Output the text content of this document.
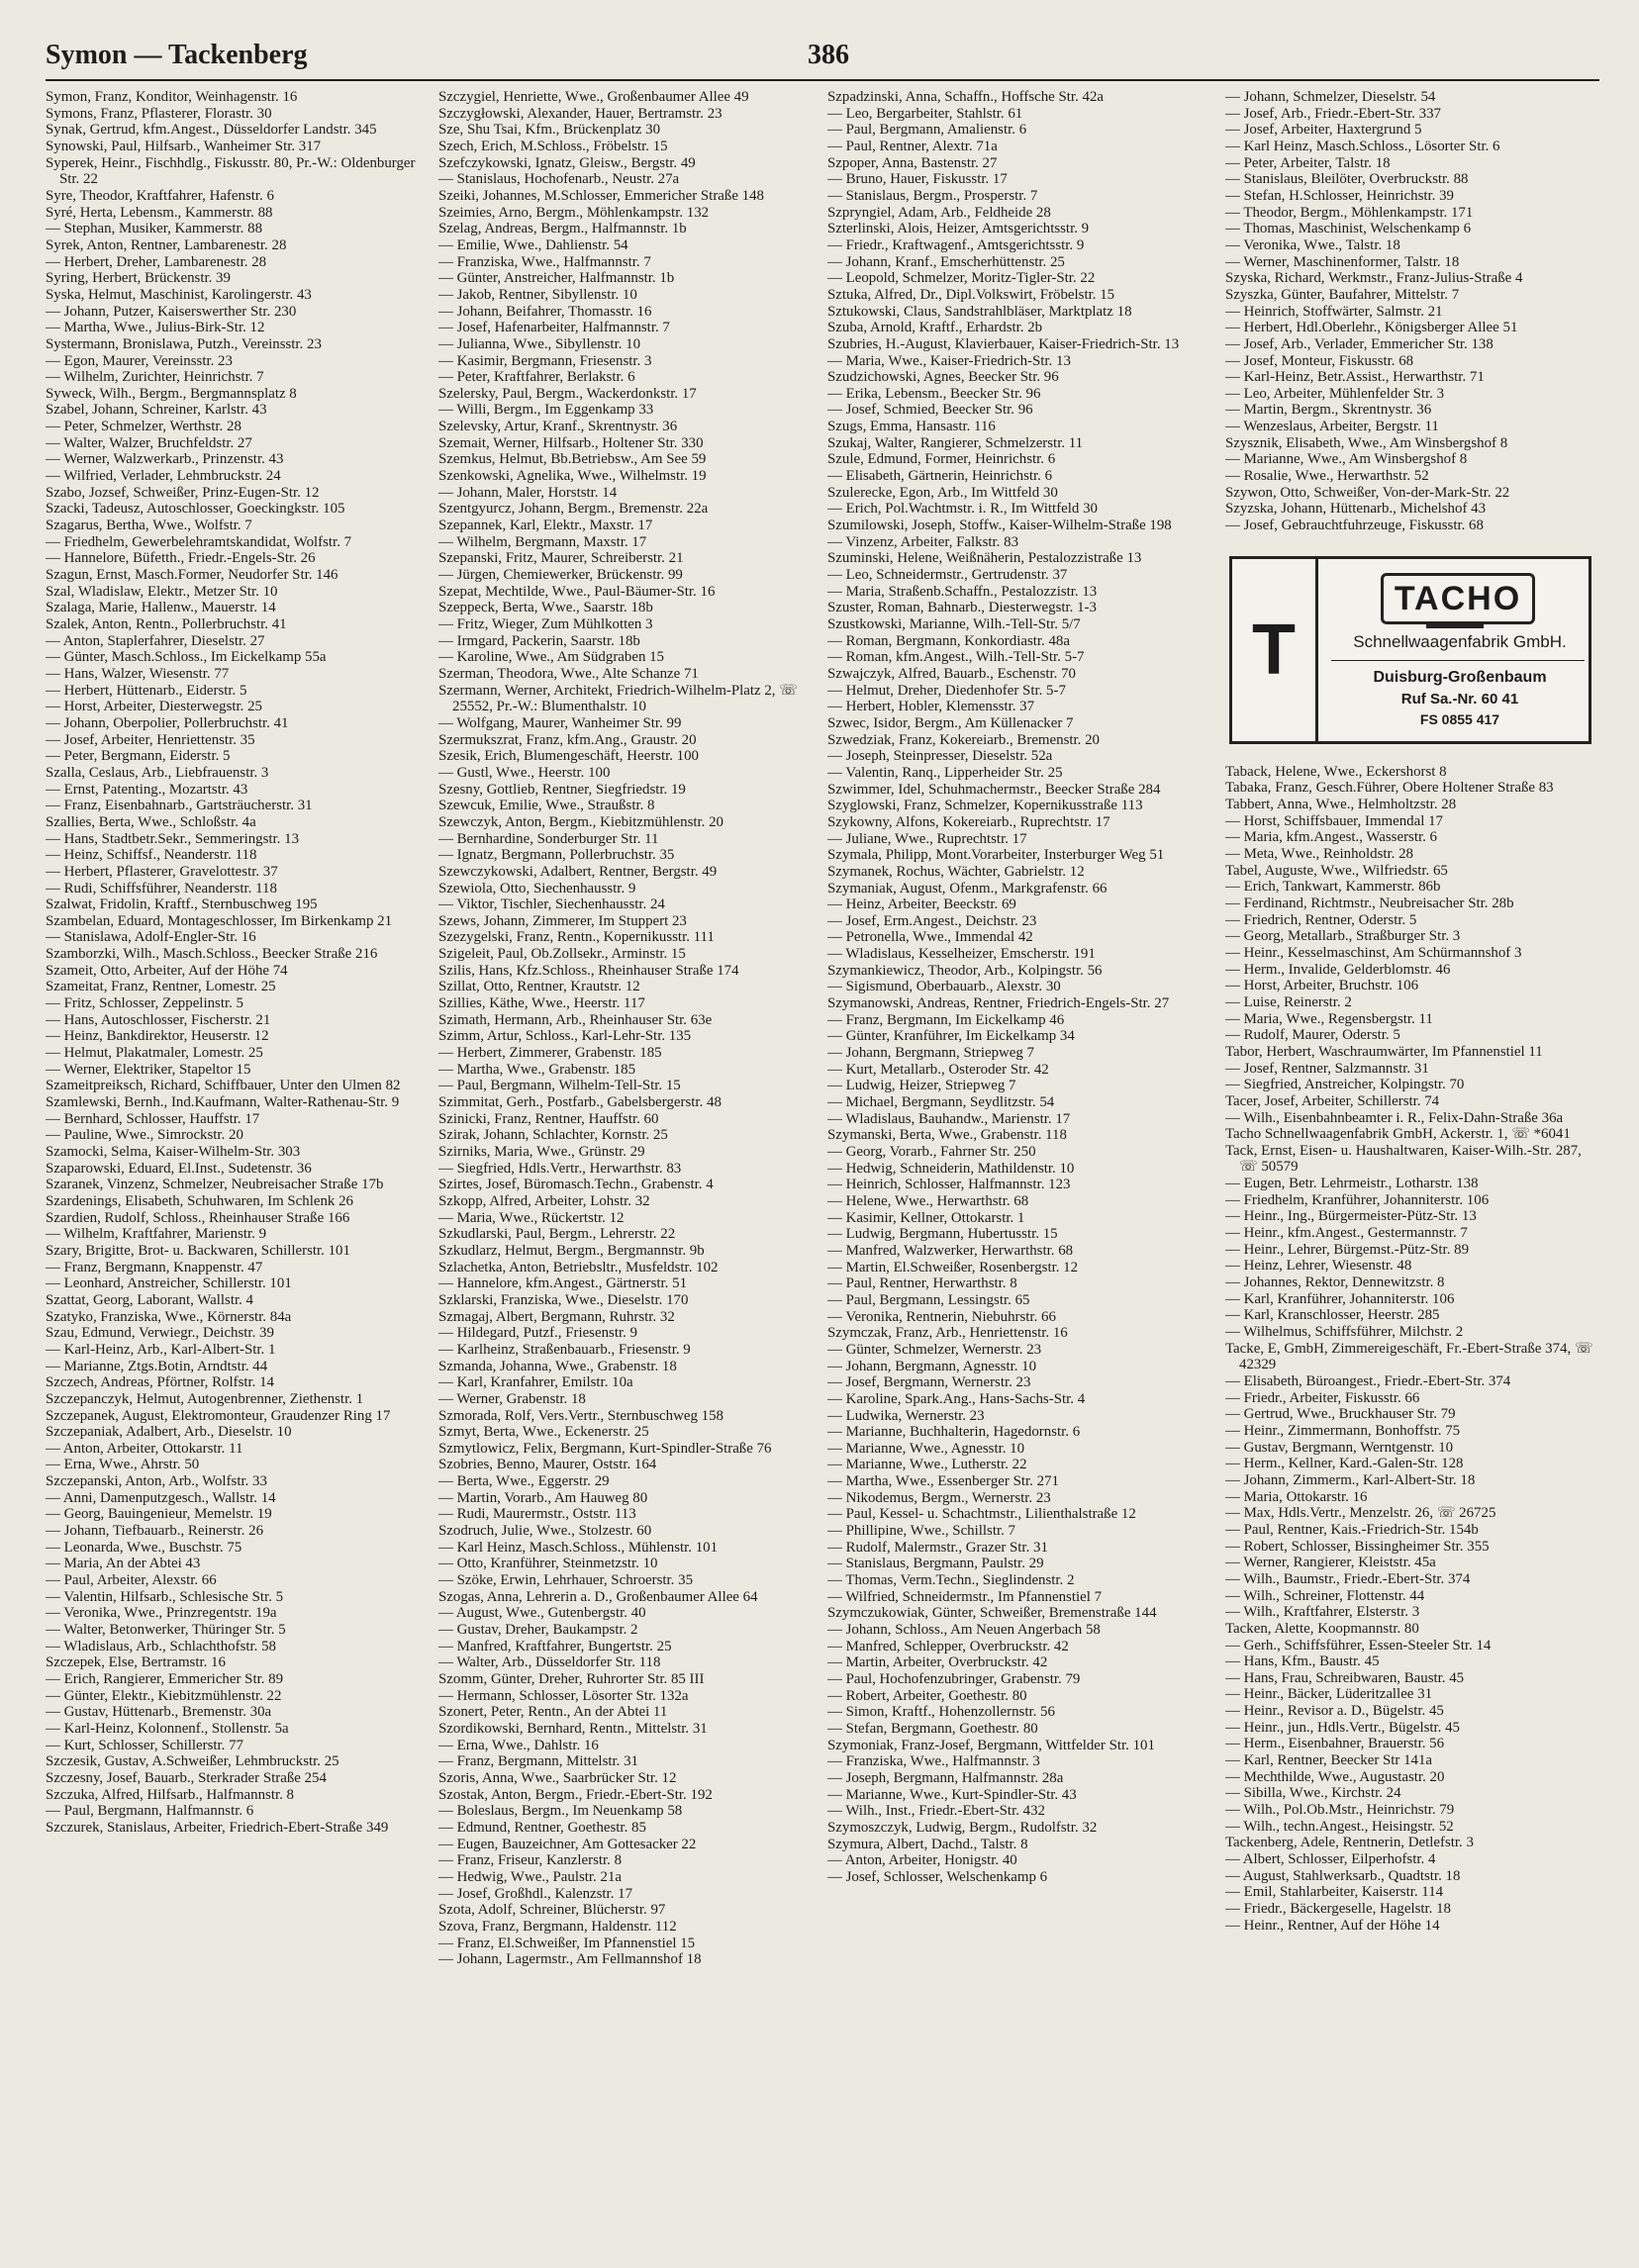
Symon — Tackenberg	386
Symon, Franz, Konditor, Weinhagenstr. 16
Symons, Franz, Pflasterer, Florastr. 30
Synak, Gertrud, kfm.Angest., Düsseldorfer Landstr. 345
Synowski, Paul, Hilfsarb., Wanheimer Str. 317
Syperek, Heinr., Fischhdlg., Fiskusstr. 80, Pr.-W.: Oldenburger Str. 22
Syre, Theodor, Kraftfahrer, Hafenstr. 6
Syré, Herta, Lebensm., Kammerstr. 88
— Stephan, Musiker, Kammerstr. 88
Syrek, Anton, Rentner, Lambarenestr. 28
— Herbert, Dreher, Lambarenestr. 28
Syring, Herbert, Brückenstr. 39
Syska, Helmut, Maschinist, Karolingerstr. 43
— Johann, Putzer, Kaiserswerther Str. 230
— Martha, Wwe., Julius-Birk-Str. 12
Systermann, Bronislawa, Putzh., Vereinsstr. 23
— Egon, Maurer, Vereinsstr. 23
— Wilhelm, Zurichter, Heinrichstr. 7
Syweck, Wilh., Bergm., Bergmannsplatz 8
Szabel, Johann, Schreiner, Karlstr. 43
— Peter, Schmelzer, Werthstr. 28
— Walter, Walzer, Bruchfeldstr. 27
— Werner, Walzwerkarb., Prinzenstr. 43
— Wilfried, Verlader, Lehmbruckstr. 24
Szabo, Jozsef, Schweißer, Prinz-Eugen-Str. 12
Szacki, Tadeusz, Autoschlosser, Goeckingkstr. 105
Szagarus, Bertha, Wwe., Wolfstr. 7
— Friedhelm, Gewerbelehramtskandidat, Wolfstr. 7
— Hannelore, Büfetth., Friedr.-Engels-Str. 26
Szagun, Ernst, Masch.Former, Neudorfer Str. 146
Szal, Wladislaw, Elektr., Metzer Str. 10
Szalaga, Marie, Hallenw., Mauerstr. 14
Szalek, Anton, Rentn., Pollerbruchstr. 41
— Anton, Staplerfahrer, Dieselstr. 27
— Günter, Masch.Schloss., Im Eickelkamp 55a
— Hans, Walzer, Wiesenstr. 77
— Herbert, Hüttenarb., Eiderstr. 5
— Horst, Arbeiter, Diesterwegstr. 25
— Johann, Oberpolier, Pollerbruchstr. 41
— Josef, Arbeiter, Henriettenstr. 35
— Peter, Bergmann, Eiderstr. 5
Szalla, Ceslaus, Arb., Liebfrauenstr. 3
— Ernst, Patenting., Mozartstr. 43
— Franz, Eisenbahnarb., Gartsträucherstr. 31
Szallies, Berta, Wwe., Schloßstr. 4a
— Hans, Stadtbetr.Sekr., Semmeringstr. 13
— Heinz, Schiffsf., Neanderstr. 118
— Herbert, Pflasterer, Gravelottestr. 37
— Rudi, Schiffsführer, Neanderstr. 118
Szalwat, Fridolin, Kraftf., Sternbuschweg 195
Szambelan, Eduard, Montageschlosser, Im Birkenkamp 21
— Stanislawa, Adolf-Engler-Str. 16
Szamborzki, Wilh., Masch.Schloss., Beecker Straße 216
Szameit, Otto, Arbeiter, Auf der Höhe 74
Szameitat, Franz, Rentner, Lomestr. 25
— Fritz, Schlosser, Zeppelinstr. 5
— Hans, Autoschlosser, Fischerstr. 21
— Heinz, Bankdirektor, Heuserstr. 12
— Helmut, Plakatmaler, Lomestr. 25
— Werner, Elektriker, Stapeltor 15
Szameitpreiksch, Richard, Schiffbauer, Unter den Ulmen 82
Szamlewski, Bernh., Ind.Kaufmann, Walter-Rathenau-Str. 9
— Bernhard, Schlosser, Hauffstr. 17
— Pauline, Wwe., Simrockstr. 20
Szamocki, Selma, Kaiser-Wilhelm-Str. 303
Szaparowski, Eduard, El.Inst., Sudetenstr. 36
Szaranek, Vinzenz, Schmelzer, Neubreisacher Straße 17b
Szardenings, Elisabeth, Schuhwaren, Im Schlenk 26
Szardien, Rudolf, Schloss., Rheinhauser Straße 166
— Wilhelm, Kraftfahrer, Marienstr. 9
Szary, Brigitte, Brot- u. Backwaren, Schillerstr. 101
— Franz, Bergmann, Knappenstr. 47
— Leonhard, Anstreicher, Schillerstr. 101
Szattat, Georg, Laborant, Wallstr. 4
Szatyko, Franziska, Wwe., Körnerstr. 84a
Szau, Edmund, Verwiegr., Deichstr. 39
— Karl-Heinz, Arb., Karl-Albert-Str. 1
— Marianne, Ztgs.Botin, Arndtstr. 44
Szczech, Andreas, Pförtner, Rolfstr. 14
Szczepanczyk, Helmut, Autogenbrenner, Ziethenstr. 1
Szczepanek, August, Elektromonteur, Graudenzer Ring 17
Szczepaniak, Adalbert, Arb., Dieselstr. 10
— Anton, Arbeiter, Ottokarstr. 11
— Erna, Wwe., Ahrstr. 50
Szczepanski, Anton, Arb., Wolfstr. 33
— Anni, Damenputzgesch., Wallstr. 14
— Georg, Bauingenieur, Memelstr. 19
— Johann, Tiefbauarb., Reinerstr. 26
— Leonarda, Wwe., Buschstr. 75
— Maria, An der Abtei 43
— Paul, Arbeiter, Alexstr. 66
— Valentin, Hilfsarb., Schlesische Str. 5
— Veronika, Wwe., Prinzregentstr. 19a
— Walter, Betonwerker, Thüringer Str. 5
— Wladislaus, Arb., Schlachthofstr. 58
Szczepek, Else, Bertramstr. 16
— Erich, Rangierer, Emmericher Str. 89
— Günter, Elektr., Kiebitzmühlenstr. 22
— Gustav, Hüttenarb., Bremenstr. 30a
— Karl-Heinz, Kolonnenf., Stollenstr. 5a
— Kurt, Schlosser, Schillerstr. 77
Szczesik, Gustav, A.Schweißer, Lehmbruckstr. 25
Szczesny, Josef, Bauarb., Sterkrader Straße 254
Szczuka, Alfred, Hilfsarb., Halfmannstr. 8
— Paul, Bergmann, Halfmannstr. 6
Szczurek, Stanislaus, Arbeiter, Friedrich-Ebert-Straße 349
Szczygiel, Henriette, Wwe., Großenbaumer Allee 49
Szczygłowski, Alexander, Hauer, Bertramstr. 23
Sze, Shu Tsai, Kfm., Brückenplatz 30
Szech, Erich, M.Schloss., Fröbelstr. 15
Szefczykowski, Ignatz, Gleisw., Bergstr. 49
— Stanislaus, Hochofenarb., Neustr. 27a
Szeiki, Johannes, M.Schlosser, Emmericher Straße 148
Szeimies, Arno, Bergm., Möhlenkampstr. 132
Szelag, Andreas, Bergm., Halfmannstr. 1b
— Emilie, Wwe., Dahlienstr. 54
— Franziska, Wwe., Halfmannstr. 7
— Günter, Anstreicher, Halfmannstr. 1b
— Jakob, Rentner, Sibyllenstr. 10
— Johann, Beifahrer, Thomasstr. 16
— Josef, Hafenarbeiter, Halfmannstr. 7
— Julianna, Wwe., Sibyllenstr. 10
— Kasimir, Bergmann, Friesenstr. 3
— Peter, Kraftfahrer, Berlakstr. 6
Szelersky, Paul, Bergm., Wackerdonkstr. 17
— Willi, Bergm., Im Eggenkamp 33
Szelevsky, Artur, Kranf., Skrentnystr. 36
Szemait, Werner, Hilfsarb., Holtener Str. 330
Szemkus, Helmut, Bb.Betriebsw., Am See 59
Szenkowski, Agnelika, Wwe., Wilhelmstr. 19
— Johann, Maler, Horststr. 14
Szentgyurcz, Johann, Bergm., Bremenstr. 22a
Szepannek, Karl, Elektr., Maxstr. 17
— Wilhelm, Bergmann, Maxstr. 17
Szepanski, Fritz, Maurer, Schreiberstr. 21
— Jürgen, Chemiewerker, Brückenstr. 99
Szepat, Mechtilde, Wwe., Paul-Bäumer-Str. 16
Szeppeck, Berta, Wwe., Saarstr. 18b
— Fritz, Wieger, Zum Mühlkotten 3
— Irmgard, Packerin, Saarstr. 18b
— Karoline, Wwe., Am Südgraben 15
Szerman, Theodora, Wwe., Alte Schanze 71
Szermann, Werner, Architekt, Friedrich-Wilhelm-Platz 2, ☏ 25552, Pr.-W.: Blumenthalstr. 10
— Wolfgang, Maurer, Wanheimer Str. 99
Szermukszrat, Franz, kfm.Ang., Graustr. 20
Szesik, Erich, Blumengeschäft, Heerstr. 100
— Gustl, Wwe., Heerstr. 100
Szesny, Gottlieb, Rentner, Siegfriedstr. 19
Szewcuk, Emilie, Wwe., Straußstr. 8
Szewczyk, Anton, Bergm., Kiebitzmühlenstr. 20
— Bernhardine, Sonderburger Str. 11
— Ignatz, Bergmann, Pollerbruchstr. 35
Szewczykowski, Adalbert, Rentner, Bergstr. 49
Szewiola, Otto, Siechenhausstr. 9
— Viktor, Tischler, Siechenhausstr. 24
Szews, Johann, Zimmerer, Im Stuppert 23
Szezygelski, Franz, Rentn., Kopernikusstr. 111
Szigeleit, Paul, Ob.Zollsekr., Arminstr. 15
Szilis, Hans, Kfz.Schloss., Rheinhauser Straße 174
Szillat, Otto, Rentner, Krautstr. 12
Szillies, Käthe, Wwe., Heerstr. 117
Szimath, Hermann, Arb., Rheinhauser Str. 63e
Szimm, Artur, Schloss., Karl-Lehr-Str. 135
— Herbert, Zimmerer, Grabenstr. 185
— Martha, Wwe., Grabenstr. 185
— Paul, Bergmann, Wilhelm-Tell-Str. 15
Szimmitat, Gerh., Postfarb., Gabelsbergerstr. 48
Szinicki, Franz, Rentner, Hauffstr. 60
Szirak, Johann, Schlachter, Kornstr. 25
Szirniks, Maria, Wwe., Grünstr. 29
— Siegfried, Hdls.Vertr., Herwarthstr. 83
Szirtes, Josef, Büromasch.Techn., Grabenstr. 4
Szkopp, Alfred, Arbeiter, Lohstr. 32
— Maria, Wwe., Rückertstr. 12
Szkudlarski, Paul, Bergm., Lehrerstr. 22
Szkudlarz, Helmut, Bergm., Bergmannstr. 9b
Szlachetka, Anton, Betriebsltr., Musfeldstr. 102
— Hannelore, kfm.Angest., Gärtnerstr. 51
Szklarski, Franziska, Wwe., Dieselstr. 170
Szmagaj, Albert, Bergmann, Ruhrstr. 32
— Hildegard, Putzf., Friesenstr. 9
— Karlheinz, Straßenbauarb., Friesenstr. 9
Szmanda, Johanna, Wwe., Grabenstr. 18
— Karl, Kranfahrer, Emilstr. 10a
— Werner, Grabenstr. 18
Szmorada, Rolf, Vers.Vertr., Sternbuschweg 158
Szmyt, Berta, Wwe., Eckenerstr. 25
Szmytlowicz, Felix, Bergmann, Kurt-Spindler-Straße 76
Szobries, Benno, Maurer, Oststr. 164
— Berta, Wwe., Eggerstr. 29
— Martin, Vorarb., Am Hauweg 80
— Rudi, Maurermstr., Oststr. 113
Szodruch, Julie, Wwe., Stolzestr. 60
— Karl Heinz, Masch.Schloss., Mühlenstr. 101
— Otto, Kranführer, Steinmetzstr. 10
— Szöke, Erwin, Lehrhauer, Schroerstr. 35
Szogas, Anna, Lehrerin a. D., Großenbaumer Allee 64
— August, Wwe., Gutenbergstr. 40
— Gustav, Dreher, Baukampstr. 2
— Manfred, Kraftfahrer, Bungertstr. 25
— Walter, Arb., Düsseldorfer Str. 118
Szomm, Günter, Dreher, Ruhrorter Str. 85 III
— Hermann, Schlosser, Lösorter Str. 132a
Szonert, Peter, Rentn., An der Abtei 11
Szordikowski, Bernhard, Rentn., Mittelstr. 31
— Erna, Wwe., Dahlstr. 16
— Franz, Bergmann, Mittelstr. 31
Szoris, Anna, Wwe., Saarbrücker Str. 12
Szostak, Anton, Bergm., Friedr.-Ebert-Str. 192
— Boleslaus, Bergm., Im Neuenkamp 58
— Edmund, Rentner, Goethestr. 85
— Eugen, Bauzeichner, Am Gottesacker 22
— Franz, Friseur, Kanzlerstr. 8
— Hedwig, Wwe., Paulstr. 21a
— Josef, Großhdl., Kalenzstr. 17
Szota, Adolf, Schreiner, Blücherstr. 97
Szova, Franz, Bergmann, Haldenstr. 112
— Franz, El.Schweißer, Im Pfannenstiel 15
— Johann, Lagermstr., Am Fellmannshof 18
Szpadzinski, Anna, Schaffn., Hoffsche Str. 42a
— Leo, Bergarbeiter, Stahlstr. 61
— Paul, Bergmann, Amalienstr. 6
— Paul, Rentner, Alextr. 71a
Szpoper, Anna, Bastenstr. 27
— Bruno, Hauer, Fiskusstr. 17
— Stanislaus, Bergm., Prosperstr. 7
Szpryngiel, Adam, Arb., Feldheide 28
Szterlinski, Alois, Heizer, Amtsgerichtsstr. 9
— Friedr., Kraftwagenf., Amtsgerichtsstr. 9
— Johann, Kranf., Emscherhüttenstr. 25
— Leopold, Schmelzer, Moritz-Tigler-Str. 22
Sztuka, Alfred, Dr., Dipl.Volkswirt, Fröbelstr. 15
Sztukowski, Claus, Sandstrahlbläser, Marktplatz 18
Szuba, Arnold, Kraftf., Erhardstr. 2b
Szubries, H.-August, Klavierbauer, Kaiser-Friedrich-Str. 13
— Maria, Wwe., Kaiser-Friedrich-Str. 13
Szudzichowski, Agnes, Beecker Str. 96
— Erika, Lebensm., Beecker Str. 96
— Josef, Schmied, Beecker Str. 96
Szugs, Emma, Hansastr. 116
Szukaj, Walter, Rangierer, Schmelzerstr. 11
Szule, Edmund, Former, Heinrichstr. 6
— Elisabeth, Gärtnerin, Heinrichstr. 6
Szulerecke, Egon, Arb., Im Wittfeld 30
— Erich, Pol.Wachtmstr. i. R., Im Wittfeld 30
Szumilowski, Joseph, Stoffw., Kaiser-Wilhelm-Straße 198
— Vinzenz, Arbeiter, Falkstr. 83
Szuminski, Helene, Weißnäherin, Pestalozzistraße 13
— Leo, Schneidermstr., Gertrudenstr. 37
— Maria, Straßenb.Schaffn., Pestalozzistr. 13
Szuster, Roman, Bahnarb., Diesterwegstr. 1-3
Szustkowski, Marianne, Wilh.-Tell-Str. 5/7
— Roman, Bergmann, Konkordiastr. 48a
— Roman, kfm.Angest., Wilh.-Tell-Str. 5-7
Szwajczyk, Alfred, Bauarb., Eschenstr. 70
— Helmut, Dreher, Diedenhofer Str. 5-7
— Herbert, Hobler, Klemensstr. 37
Szwec, Isidor, Bergm., Am Küllenacker 7
Szwedziak, Franz, Kokereiarb., Bremenstr. 20
— Joseph, Steinpresser, Dieselstr. 52a
— Valentin, Ranq., Lipperheider Str. 25
Szwimmer, Idel, Schuhmachermstr., Beecker Straße 284
Szyglowski, Franz, Schmelzer, Kopernikusstraße 113
Szykowny, Alfons, Kokereiarb., Ruprechtstr. 17
— Juliane, Wwe., Ruprechtstr. 17
Szymala, Philipp, Mont.Vorarbeiter, Insterburger Weg 51
Szymanek, Rochus, Wächter, Gabrielstr. 12
Szymaniak, August, Ofenm., Markgrafenstr. 66
— Heinz, Arbeiter, Beeckstr. 69
— Josef, Erm.Angest., Deichstr. 23
— Petronella, Wwe., Immendal 42
— Wladislaus, Kesselheizer, Emscherstr. 191
Szymankiewicz, Theodor, Arb., Kolpingstr. 56
— Sigismund, Oberbauarb., Alexstr. 30
Szymanowski, Andreas, Rentner, Friedrich-Engels-Str. 27
— Franz, Bergmann, Im Eickelkamp 46
— Günter, Kranführer, Im Eickelkamp 34
— Johann, Bergmann, Striepweg 7
— Kurt, Metallarb., Osteroder Str. 42
— Ludwig, Heizer, Striepweg 7
— Michael, Bergmann, Seydlitzstr. 54
— Wladislaus, Bauhandw., Marienstr. 17
Szymanski, Berta, Wwe., Grabenstr. 118
— Georg, Vorarb., Fahrner Str. 250
— Hedwig, Schneiderin, Mathildenstr. 10
— Heinrich, Schlosser, Halfmannstr. 123
— Helene, Wwe., Herwarthstr. 68
— Kasimir, Kellner, Ottokarstr. 1
— Ludwig, Bergmann, Hubertusstr. 15
— Manfred, Walzwerker, Herwarthstr. 68
— Martin, El.Schweißer, Rosenbergstr. 12
— Paul, Rentner, Herwarthstr. 8
— Paul, Bergmann, Lessingstr. 65
— Veronika, Rentnerin, Niebuhrstr. 66
Szymczak, Franz, Arb., Henriettenstr. 16
— Günter, Schmelzer, Wernerstr. 23
— Johann, Bergmann, Agnesstr. 10
— Josef, Bergmann, Wernerstr. 23
— Karoline, Spark.Ang., Hans-Sachs-Str. 4
— Ludwika, Wernerstr. 23
— Marianne, Buchhalterin, Hagedornstr. 6
— Marianne, Wwe., Agnesstr. 10
— Marianne, Wwe., Lutherstr. 22
— Martha, Wwe., Essenberger Str. 271
— Nikodemus, Bergm., Wernerstr. 23
— Paul, Kessel- u. Schachtmstr., Lilienthalstraße 12
— Phillipine, Wwe., Schillstr. 7
— Rudolf, Malermstr., Grazer Str. 31
— Stanislaus, Bergmann, Paulstr. 29
— Thomas, Verm.Techn., Sieglindenstr. 2
— Wilfried, Schneidermstr., Im Pfannenstiel 7
Szymczukowiak, Günter, Schweißer, Bremenstraße 144
— Johann, Schloss., Am Neuen Angerbach 58
— Manfred, Schlepper, Overbruckstr. 42
— Martin, Arbeiter, Overbruckstr. 42
— Paul, Hochofenzubringer, Grabenstr. 79
— Robert, Arbeiter, Goethestr. 80
— Simon, Kraftf., Hohenzollernstr. 56
— Stefan, Bergmann, Goethestr. 80
Szymoniak, Franz-Josef, Bergmann, Wittfelder Str. 101
— Franziska, Wwe., Halfmannstr. 3
— Joseph, Bergmann, Halfmannstr. 28a
— Marianne, Wwe., Kurt-Spindler-Str. 43
— Wilh., Inst., Friedr.-Ebert-Str. 432
Szymoszczyk, Ludwig, Bergm., Rudolfstr. 32
Szymura, Albert, Dachd., Talstr. 8
— Anton, Arbeiter, Honigstr. 40
— Josef, Schlosser, Welschenkamp 6
— Johann, Schmelzer, Dieselstr. 54
— Josef, Arb., Friedr.-Ebert-Str. 337
— Josef, Arbeiter, Haxtergrund 5
— Karl Heinz, Masch.Schloss., Lösorter Str. 6
— Peter, Arbeiter, Talstr. 18
— Stanislaus, Bleilöter, Overbruckstr. 88
— Stefan, H.Schlosser, Heinrichstr. 39
— Theodor, Bergm., Möhlenkampstr. 171
— Thomas, Maschinist, Welschenkamp 6
— Veronika, Wwe., Talstr. 18
— Werner, Maschinenformer, Talstr. 18
Szyska, Richard, Werkmstr., Franz-Julius-Straße 4
Szyszka, Günter, Baufahrer, Mittelstr. 7
— Heinrich, Stoffwärter, Salmstr. 21
— Herbert, Hdl.Oberlehr., Königsberger Allee 51
— Josef, Arb., Verlader, Emmericher Str. 138
— Josef, Monteur, Fiskusstr. 68
— Karl-Heinz, Betr.Assist., Herwarthstr. 71
— Leo, Arbeiter, Mühlenfelder Str. 3
— Martin, Bergm., Skrentnystr. 36
— Wenzeslaus, Arbeiter, Bergstr. 11
Szysznik, Elisabeth, Wwe., Am Winsbergshof 8
— Marianne, Wwe., Am Winsbergshof 8
— Rosalie, Wwe., Herwarthstr. 52
Szywon, Otto, Schweißer, Von-der-Mark-Str. 22
Szyzska, Johann, Hüttenarb., Michelshof 43
— Josef, Gebrauchtfuhrzeuge, Fiskusstr. 68
T
TACHO
Schnellwaagenfabrik GmbH.
Duisburg-Großenbaum
Ruf Sa.-Nr. 60 41
FS 0855 417
Taback, Helene, Wwe., Eckershorst 8
Tabaka, Franz, Gesch.Führer, Obere Holtener Straße 83
Tabbert, Anna, Wwe., Helmholtzstr. 28
— Horst, Schiffsbauer, Immendal 17
— Maria, kfm.Angest., Wasserstr. 6
— Meta, Wwe., Reinholdstr. 28
Tabel, Auguste, Wwe., Wilfriedstr. 65
— Erich, Tankwart, Kammerstr. 86b
— Ferdinand, Richtmstr., Neubreisacher Str. 28b
— Friedrich, Rentner, Oderstr. 5
— Georg, Metallarb., Straßburger Str. 3
— Heinr., Kesselmaschinst, Am Schürmannshof 3
— Herm., Invalide, Gelderblomstr. 46
— Horst, Arbeiter, Bruchstr. 106
— Luise, Reinerstr. 2
— Maria, Wwe., Regensbergstr. 11
— Rudolf, Maurer, Oderstr. 5
Tabor, Herbert, Waschraumwärter, Im Pfannenstiel 11
— Josef, Rentner, Salzmannstr. 31
— Siegfried, Anstreicher, Kolpingstr. 70
Tacer, Josef, Arbeiter, Schillerstr. 74
— Wilh., Eisenbahnbeamter i. R., Felix-Dahn-Straße 36a
Tacho Schnellwaagenfabrik GmbH, Ackerstr. 1, ☏ *6041
Tack, Ernst, Eisen- u. Haushaltwaren, Kaiser-Wilh.-Str. 287, ☏ 50579
— Eugen, Betr. Lehrmeistr., Lotharstr. 138
— Friedhelm, Kranführer, Johanniterstr. 106
— Heinr., Ing., Bürgermeister-Pütz-Str. 13
— Heinr., kfm.Angest., Gestermannstr. 7
— Heinr., Lehrer, Bürgemst.-Pütz-Str. 89
— Heinz, Lehrer, Wiesenstr. 48
— Johannes, Rektor, Dennewitzstr. 8
— Karl, Kranführer, Johanniterstr. 106
— Karl, Kranschlosser, Heerstr. 285
— Wilhelmus, Schiffsführer, Milchstr. 2
Tacke, E, GmbH, Zimmereigeschäft, Fr.-Ebert-Straße 374, ☏ 42329
— Elisabeth, Büroangest., Friedr.-Ebert-Str. 374
— Friedr., Arbeiter, Fiskusstr. 66
— Gertrud, Wwe., Bruckhauser Str. 79
— Heinr., Zimmermann, Bonhoffstr. 75
— Gustav, Bergmann, Werntgenstr. 10
— Herm., Kellner, Kard.-Galen-Str. 128
— Johann, Zimmerm., Karl-Albert-Str. 18
— Maria, Ottokarstr. 16
— Max, Hdls.Vertr., Menzelstr. 26, ☏ 26725
— Paul, Rentner, Kais.-Friedrich-Str. 154b
— Robert, Schlosser, Bissingheimer Str. 355
— Werner, Rangierer, Kleiststr. 45a
— Wilh., Baumstr., Friedr.-Ebert-Str. 374
— Wilh., Schreiner, Flottenstr. 44
— Wilh., Kraftfahrer, Elsterstr. 3
Tacken, Alette, Koopmannstr. 80
— Gerh., Schiffsführer, Essen-Steeler Str. 14
— Hans, Kfm., Baustr. 45
— Hans, Frau, Schreibwaren, Baustr. 45
— Heinr., Bäcker, Lüderitzallee 31
— Heinr., Revisor a. D., Bügelstr. 45
— Heinr., jun., Hdls.Vertr., Bügelstr. 45
— Herm., Eisenbahner, Brauerstr. 56
— Karl, Rentner, Beecker Str 141a
— Mechthilde, Wwe., Augustastr. 20
— Sibilla, Wwe., Kirchstr. 24
— Wilh., Pol.Ob.Mstr., Heinrichstr. 79
— Wilh., techn.Angest., Heisingstr. 52
Tackenberg, Adele, Rentnerin, Detlefstr. 3
— Albert, Schlosser, Eilperhofstr. 4
— August, Stahlwerksarb., Quadtstr. 18
— Emil, Stahlarbeiter, Kaiserstr. 114
— Friedr., Bäckergeselle, Hagelstr. 18
— Heinr., Rentner, Auf der Höhe 14
